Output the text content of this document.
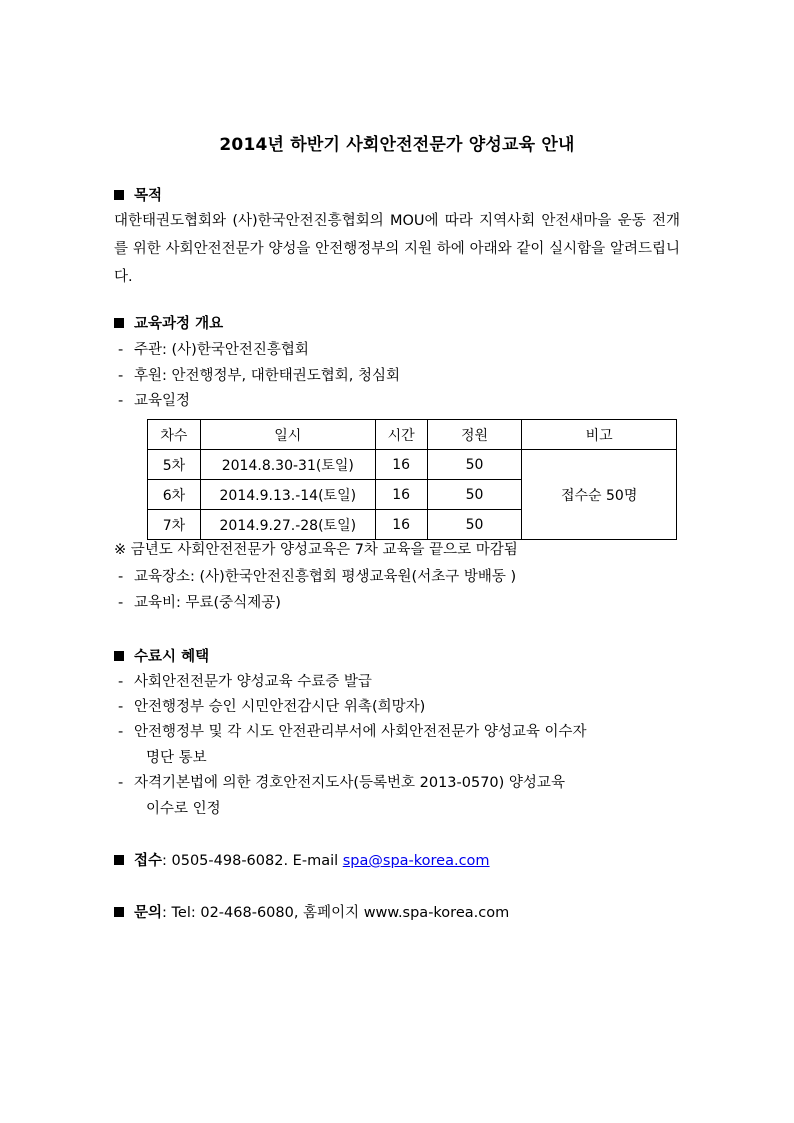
2014년 하반기 사회안전전문가 양성교육 안내
목적
대한태권도협회와 (사)한국안전진흥협회의 MOU에 따라 지역사회 안전새마을 운동 전개를 위한 사회안전전문가 양성을 안전행정부의 지원 하에 아래와 같이 실시함을 알려드립니다.
교육과정 개요
- 주관: (사)한국안전진흥협회
- 후원: 안전행정부, 대한태권도협회, 청심회
- 교육일정
차수	일시	시간	정원	비고
5차	2014.8.30-31(토일)	16	50	접수순 50명
6차	2014.9.13.-14(토일)	16	50	
7차	2014.9.27.-28(토일)	16	50	
※ 금년도 사회안전전문가 양성교육은 7차 교육을 끝으로 마감됨
- 교육장소: (사)한국안전진흥협회 평생교육원(서초구 방배동 )
- 교육비: 무료(중식제공)
수료시 혜택
- 사회안전전문가 양성교육 수료증 발급
- 안전행정부 승인 시민안전감시단 위촉(희망자)
- 안전행정부 및 각 시도 안전관리부서에 사회안전전문가 양성교육 이수자
명단 통보
- 자격기본법에 의한 경호안전지도사(등록번호 2013-0570) 양성교육
이수로 인정
접수: 0505-498-6082. E-mail spa@spa-korea.com
문의: Tel: 02-468-6080, 홈페이지 www.spa-korea.com
